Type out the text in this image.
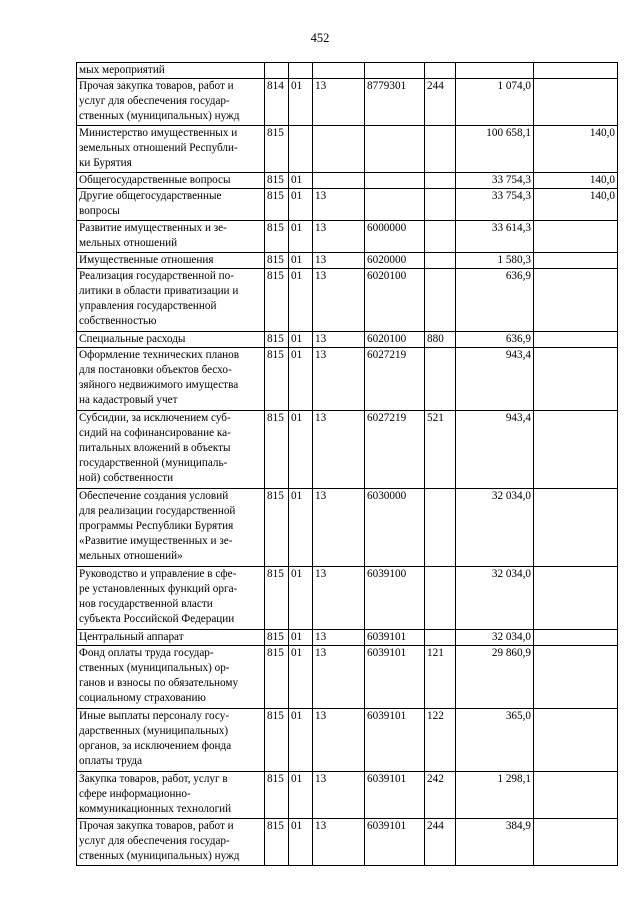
452
мых мероприятий							
Прочая закупка товаров, работ и
услуг для обеспечения государ-
ственных (муниципальных) нужд	814	01	13	8779301	244	1 074,0	
Министерство имущественных и
земельных отношений Республи-
ки Бурятия	815					100 658,1	140,0
Общегосударственные вопросы	815	01				33 754,3	140,0
Другие общегосударственные
вопросы	815	01	13			33 754,3	140,0
Развитие имущественных и зе-
мельных отношений	815	01	13	6000000		33 614,3	
Имущественные отношения	815	01	13	6020000		1 580,3	
Реализация государственной по-
литики в области приватизации и
управления государственной
собственностью	815	01	13	6020100		636,9	
Специальные расходы	815	01	13	6020100	880	636,9	
Оформление технических планов
для постановки объектов бесхо-
зяйного недвижимого имущества
на кадастровый учет	815	01	13	6027219		943,4	
Субсидии, за исключением суб-
сидий на софинансирование ка-
питальных вложений в объекты
государственной (муниципаль-
ной) собственности	815	01	13	6027219	521	943,4	
Обеспечение создания условий
для реализации государственной
программы Республики Бурятия
«Развитие имущественных и зе-
мельных отношений»	815	01	13	6030000		32 034,0	
Руководство и управление в сфе-
ре установленных функций орга-
нов государственной власти
субъекта Российской Федерации	815	01	13	6039100		32 034,0	
Центральный аппарат	815	01	13	6039101		32 034,0	
Фонд оплаты труда государ-
ственных (муниципальных) ор-
ганов и взносы по обязательному
социальному страхованию	815	01	13	6039101	121	29 860,9	
Иные выплаты персоналу госу-
дарственных (муниципальных)
органов, за исключением фонда
оплаты труда	815	01	13	6039101	122	365,0	
Закупка товаров, работ, услуг в
сфере информационно-
коммуникационных технологий	815	01	13	6039101	242	1 298,1	
Прочая закупка товаров, работ и
услуг для обеспечения государ-
ственных (муниципальных) нужд	815	01	13	6039101	244	384,9	
